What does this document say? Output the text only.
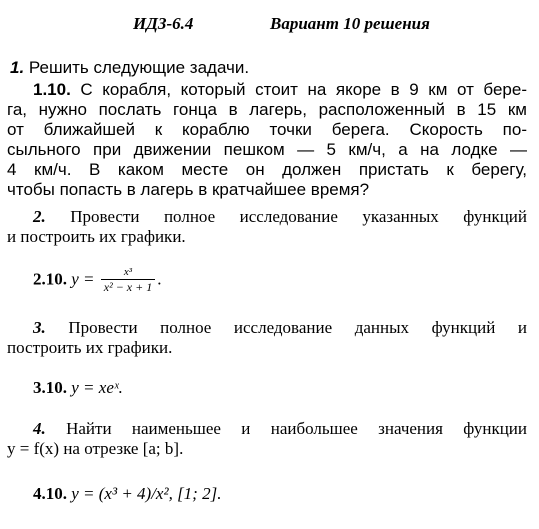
ИДЗ-6.4	Вариант 10 решения
1. Решить следующие задачи.
1.10. С корабля, который стоит на якоре в 9 км от бере-
га, нужно послать гонца в лагерь, расположенный в 15 км
от ближайшей к кораблю точки берега. Скорость по-
сыльного при движении пешком — 5 км/ч, а на лодке —
4 км/ч. В каком месте он должен пристать к берегу,
чтобы попасть в лагерь в кратчайшее время?
2. Провести полное исследование указанных функций
и построить их графики.
2.10. $y = \frac{\text{x³}}{\text{x² − x + 1}}$ .
3. Провести полное исследование данных функций и
построить их графики.
3.10. y = xeˣ.
4. Найти наименьшее и наибольшее значения функции
y = f(x) на отрезке [a; b].
4.10. y = (x³ + 4)/x², [1; 2].
